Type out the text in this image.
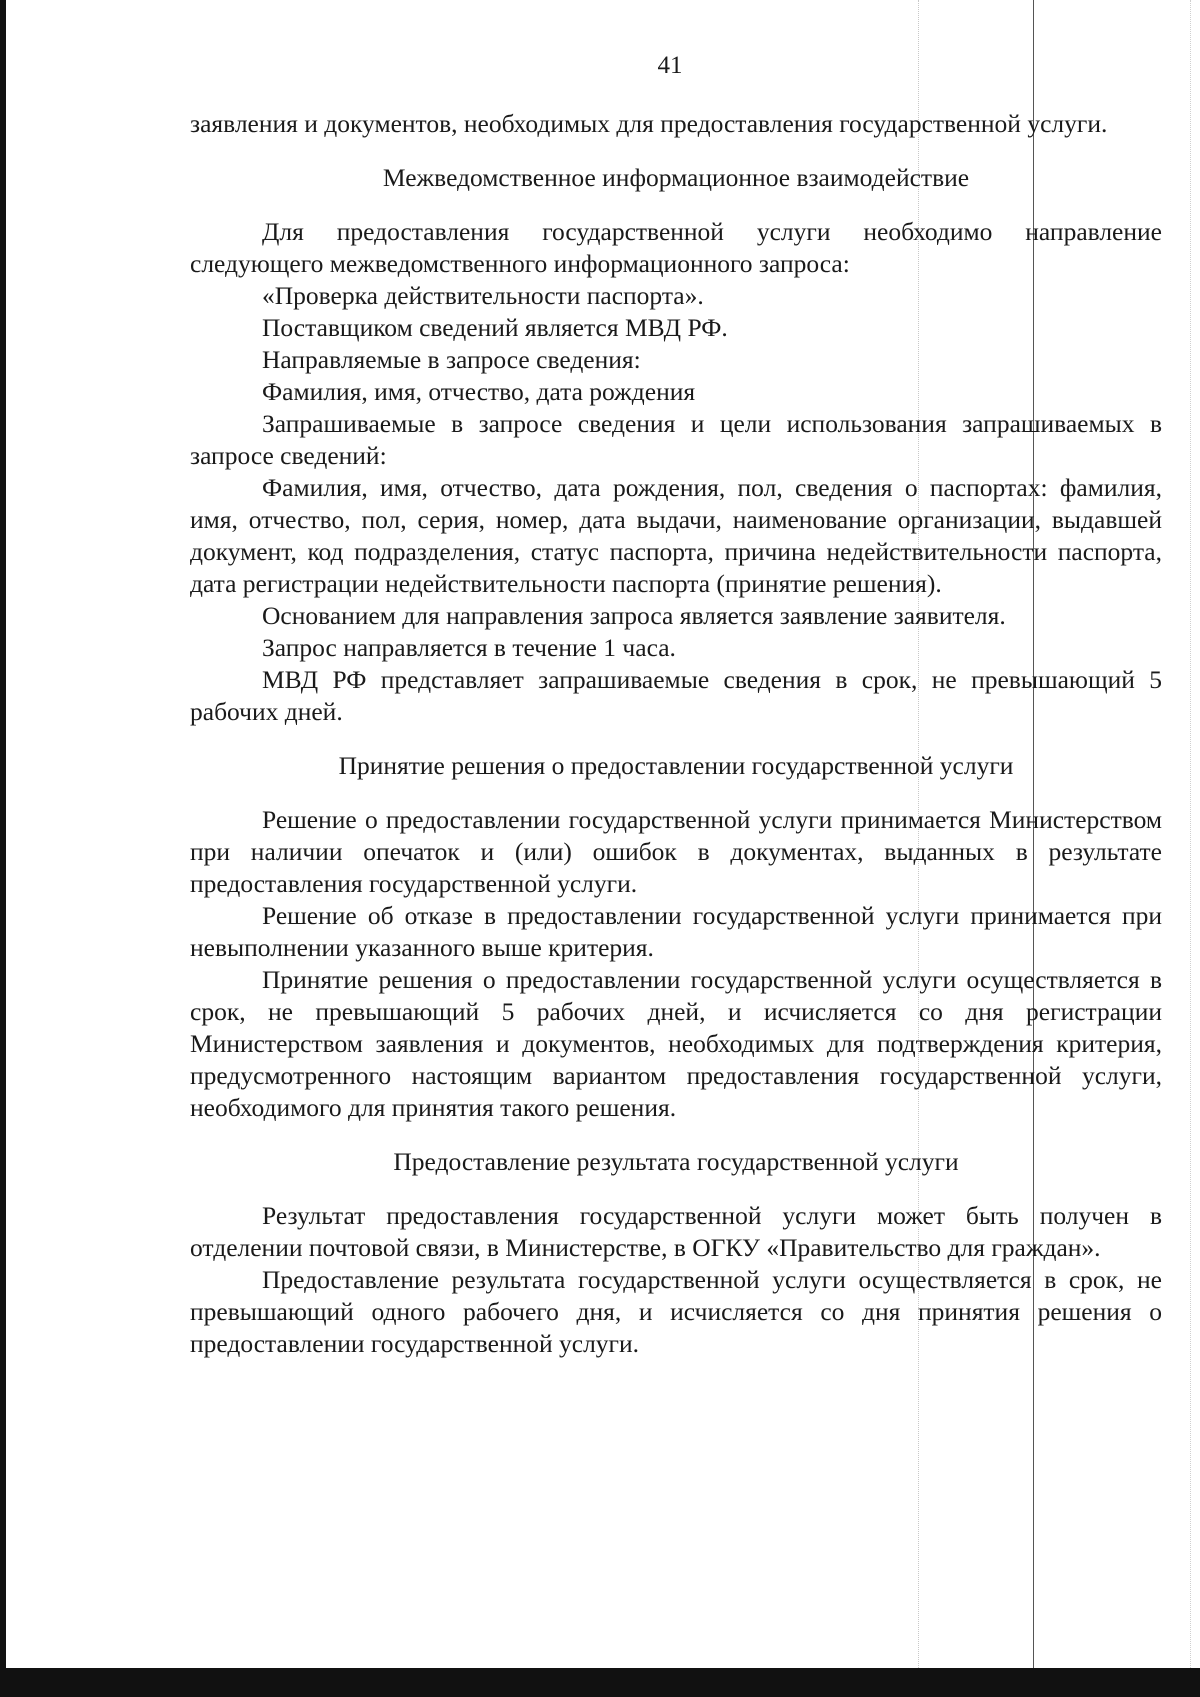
41

заявления и документов, необходимых для предоставления государственной услуги.

Межведомственное информационное взаимодействие

Для предоставления государственной услуги необходимо направление следующего межведомственного информационного запроса:

«Проверка действительности паспорта».

Поставщиком сведений является МВД РФ.

Направляемые в запросе сведения:

Фамилия, имя, отчество, дата рождения

Запрашиваемые в запросе сведения и цели использования запрашиваемых в запросе сведений:

Фамилия, имя, отчество, дата рождения, пол, сведения о паспортах: фамилия, имя, отчество, пол, серия, номер, дата выдачи, наименование организации, выдавшей документ, код подразделения, статус паспорта, причина недействительности паспорта, дата регистрации недействительности паспорта (принятие решения).

Основанием для направления запроса является заявление заявителя.

Запрос направляется в течение 1 часа.

МВД РФ представляет запрашиваемые сведения в срок, не превышающий 5 рабочих дней.

Принятие решения о предоставлении государственной услуги

Решение о предоставлении государственной услуги принимается Министерством при наличии опечаток и (или) ошибок в документах, выданных в результате предоставления государственной услуги.

Решение об отказе в предоставлении государственной услуги принимается при невыполнении указанного выше критерия.

Принятие решения о предоставлении государственной услуги осуществляется в срок, не превышающий 5 рабочих дней, и исчисляется со дня регистрации Министерством заявления и документов, необходимых для подтверждения критерия, предусмотренного настоящим вариантом предоставления государственной услуги, необходимого для принятия такого решения.

Предоставление результата государственной услуги

Результат предоставления государственной услуги может быть получен в отделении почтовой связи, в Министерстве, в ОГКУ «Правительство для граждан».

Предоставление результата государственной услуги осуществляется в срок, не превышающий одного рабочего дня, и исчисляется со дня принятия решения о предоставлении государственной услуги.
